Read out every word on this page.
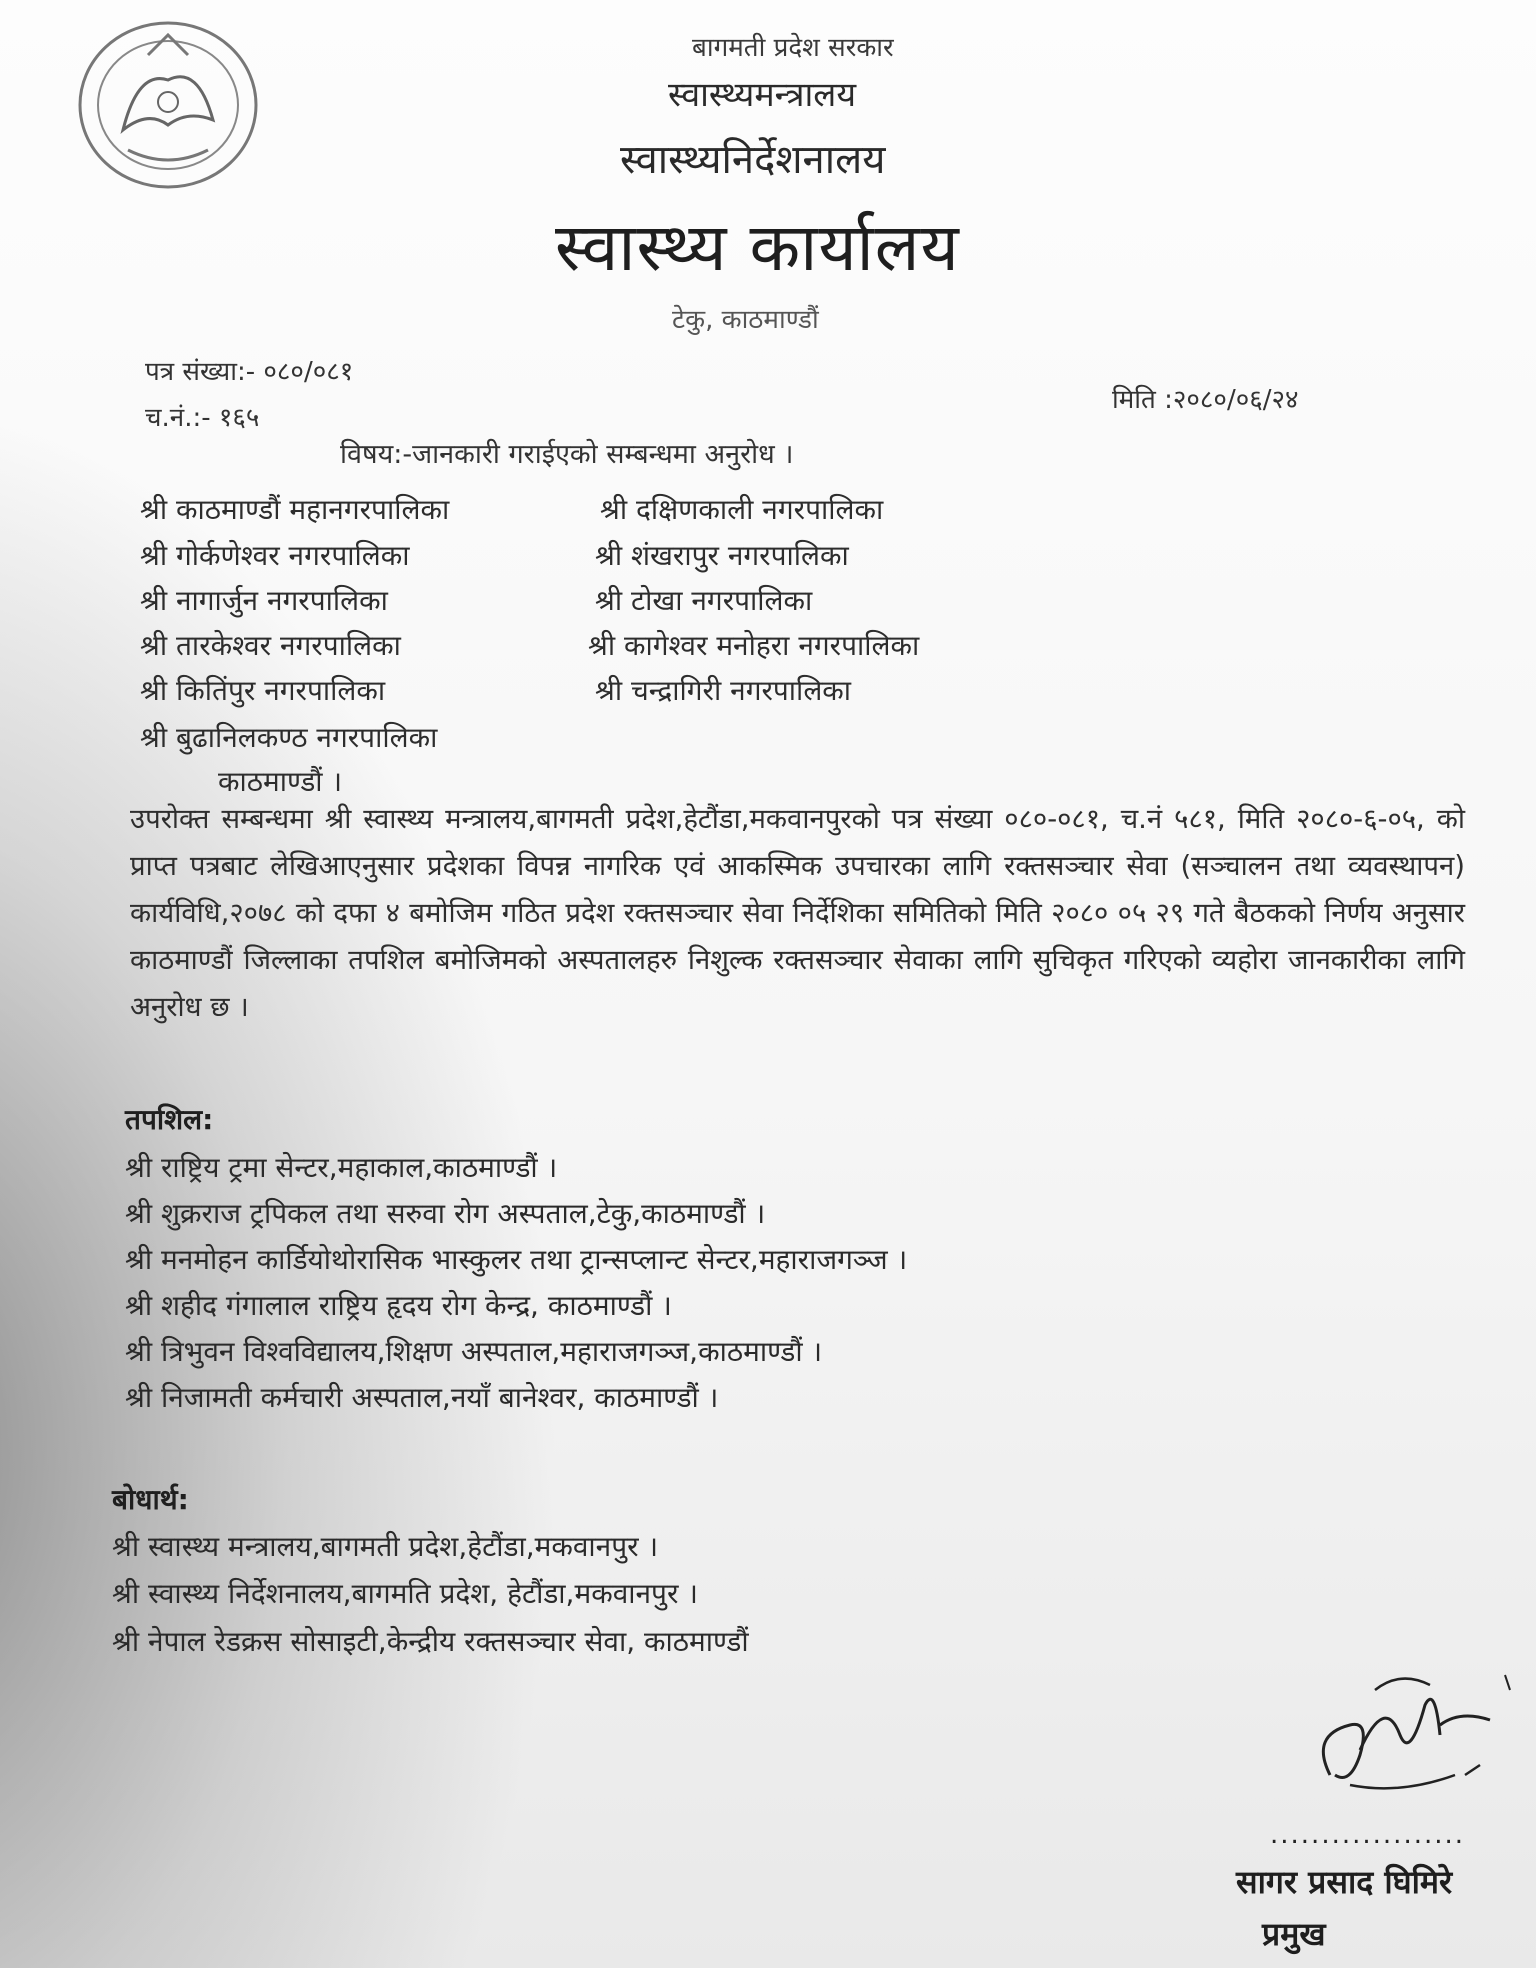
बागमती प्रदेश सरकार
स्वास्थ्यमन्त्रालय
स्वास्थ्यनिर्देशनालय
स्वास्थ्य कार्यालय
टेकु, काठमाण्डौं
पत्र संख्या:- ०८०/०८१
च.नं.:- १६५
मिति :२०८०/०६/२४
विषय:-जानकारी गराईएको सम्बन्धमा अनुरोध ।
श्री काठमाण्डौं महानगरपालिका
श्री गोर्कणेश्वर नगरपालिका
श्री नागार्जुन नगरपालिका
श्री तारकेश्वर नगरपालिका
श्री कितिंपुर नगरपालिका
श्री बुढानिलकण्ठ नगरपालिका
श्री दक्षिणकाली नगरपालिका
श्री शंखरापुर नगरपालिका
श्री टोखा नगरपालिका
श्री कागेश्वर मनोहरा नगरपालिका
श्री चन्द्रागिरी नगरपालिका
काठमाण्डौं ।
उपरोक्त सम्बन्धमा श्री स्वास्थ्य मन्त्रालय,बागमती प्रदेश,हेटौंडा,मकवानपुरको पत्र संख्या ०८०-०८१, च.नं ५८१, मिति २०८०-६-०५, को प्राप्त पत्रबाट लेखिआएनुसार प्रदेशका विपन्न नागरिक एवं आकस्मिक उपचारका लागि रक्तसञ्चार सेवा (सञ्चालन तथा व्यवस्थापन) कार्यविधि,२०७८ को दफा ४ बमोजिम गठित प्रदेश रक्तसञ्चार सेवा निर्देशिका समितिको मिति २०८० ०५ २९ गते बैठकको निर्णय अनुसार काठमाण्डौं जिल्लाका तपशिल बमोजिमको अस्पतालहरु निशुल्क रक्तसञ्चार सेवाका लागि सुचिकृत गरिएको व्यहोरा जानकारीका लागि अनुरोध छ ।
तपशिल:
श्री राष्ट्रिय ट्रमा सेन्टर,महाकाल,काठमाण्डौं ।
श्री शुक्रराज ट्रपिकल तथा सरुवा रोग अस्पताल,टेकु,काठमाण्डौं ।
श्री मनमोहन कार्डियोथोरासिक भास्कुलर तथा ट्रान्सप्लान्ट सेन्टर,महाराजगञ्ज ।
श्री शहीद गंगालाल राष्ट्रिय हृदय रोग केन्द्र, काठमाण्डौं ।
श्री त्रिभुवन विश्वविद्यालय,शिक्षण अस्पताल,महाराजगञ्ज,काठमाण्डौं ।
श्री निजामती कर्मचारी अस्पताल,नयाँ बानेश्वर, काठमाण्डौं ।
बोधार्थ:
श्री स्वास्थ्य मन्त्रालय,बागमती प्रदेश,हेटौंडा,मकवानपुर ।
श्री स्वास्थ्य निर्देशनालय,बागमति प्रदेश, हेटौंडा,मकवानपुर ।
श्री नेपाल रेडक्रस सोसाइटी,केन्द्रीय रक्तसञ्चार सेवा, काठमाण्डौं
...................
सागर प्रसाद घिमिरे
प्रमुख
